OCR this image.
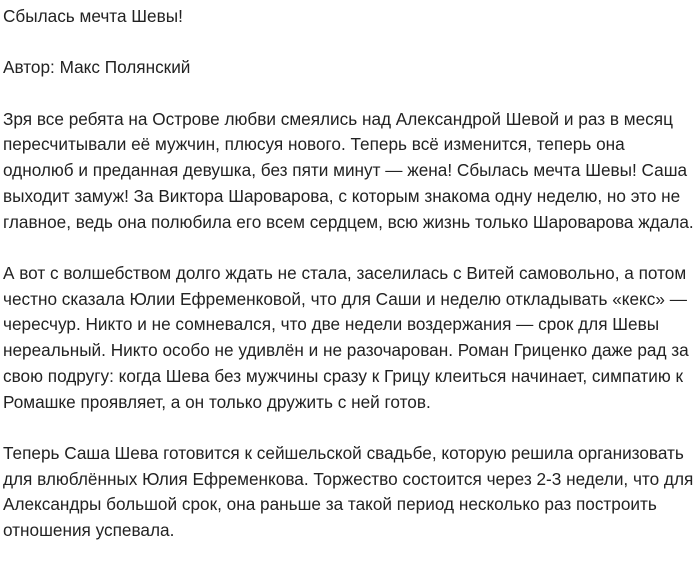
Сбылась мечта Шевы!

Автор: Макс Полянский

Зря все ребята на Острове любви смеялись над Александрой Шевой и раз в месяц пересчитывали её мужчин, плюсуя нового. Теперь всё изменится, теперь она однолюб и преданная девушка, без пяти минут — жена! Сбылась мечта Шевы! Саша выходит замуж! За Виктора Шароварова, с которым знакома одну неделю, но это не главное, ведь она полюбила его всем сердцем, всю жизнь только Шароварова ждала.

А вот с волшебством долго ждать не стала, заселилась с Витей самовольно, а потом честно сказала Юлии Ефременковой, что для Саши и неделю откладывать «кекс» — чересчур. Никто и не сомневался, что две недели воздержания — срок для Шевы нереальный. Никто особо не удивлён и не разочарован. Роман Гриценко даже рад за свою подругу: когда Шева без мужчины сразу к Грицу клеиться начинает, симпатию к Ромашке проявляет, а он только дружить с ней готов.

Теперь Саша Шева готовится к сейшельской свадьбе, которую решила организовать для влюблённых Юлия Ефременкова. Торжество состоится через 2-3 недели, что для Александры большой срок, она раньше за такой период несколько раз построить отношения успевала.
